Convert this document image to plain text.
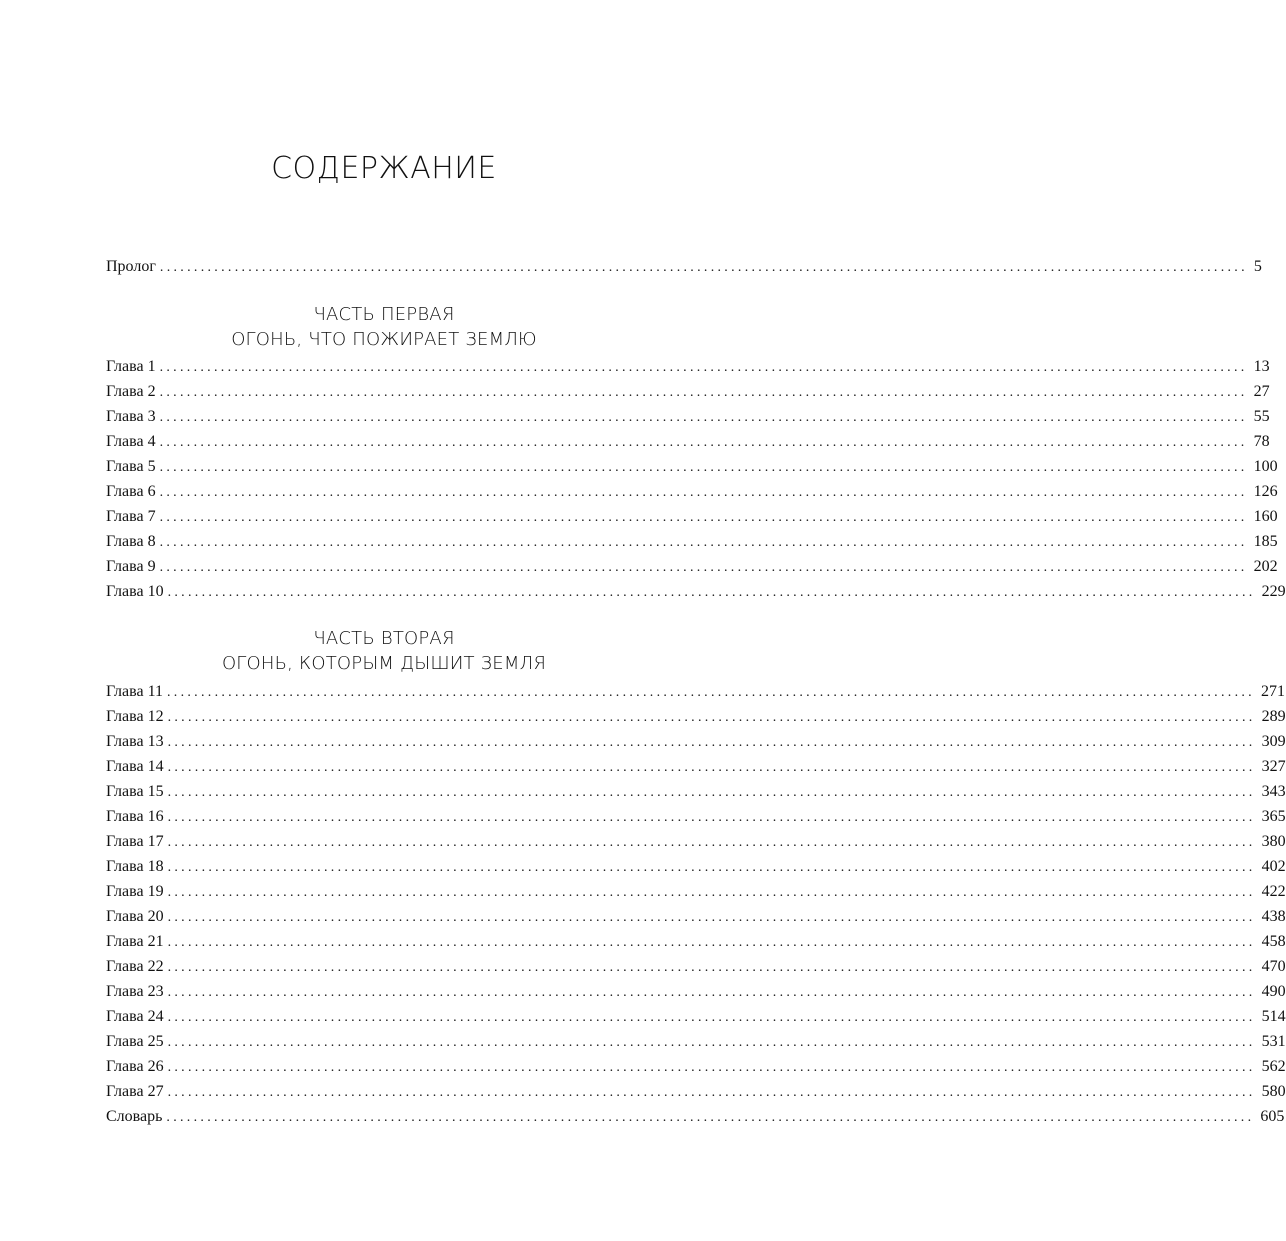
СОДЕРЖАНИЕ
Пролог ................................................................................................................................................................ 5
ЧАСТЬ ПЕРВАЯ
ОГОНЬ, ЧТО ПОЖИРАЕТ ЗЕМЛЮ
Глава 1 ................................................................................................................................................................ 13
Глава 2 ................................................................................................................................................................ 27
Глава 3 ................................................................................................................................................................ 55
Глава 4 ................................................................................................................................................................ 78
Глава 5 ................................................................................................................................................................ 100
Глава 6 ................................................................................................................................................................ 126
Глава 7 ................................................................................................................................................................ 160
Глава 8 ................................................................................................................................................................ 185
Глава 9 ................................................................................................................................................................ 202
Глава 10 ................................................................................................................................................................ 229
ЧАСТЬ ВТОРАЯ
ОГОНЬ, КОТОРЫМ ДЫШИТ ЗЕМЛЯ
Глава 11 ................................................................................................................................................................ 271
Глава 12 ................................................................................................................................................................ 289
Глава 13 ................................................................................................................................................................ 309
Глава 14 ................................................................................................................................................................ 327
Глава 15 ................................................................................................................................................................ 343
Глава 16 ................................................................................................................................................................ 365
Глава 17 ................................................................................................................................................................ 380
Глава 18 ................................................................................................................................................................ 402
Глава 19 ................................................................................................................................................................ 422
Глава 20 ................................................................................................................................................................ 438
Глава 21 ................................................................................................................................................................ 458
Глава 22 ................................................................................................................................................................ 470
Глава 23 ................................................................................................................................................................ 490
Глава 24 ................................................................................................................................................................ 514
Глава 25 ................................................................................................................................................................ 531
Глава 26 ................................................................................................................................................................ 562
Глава 27 ................................................................................................................................................................ 580
Словарь ................................................................................................................................................................ 605
